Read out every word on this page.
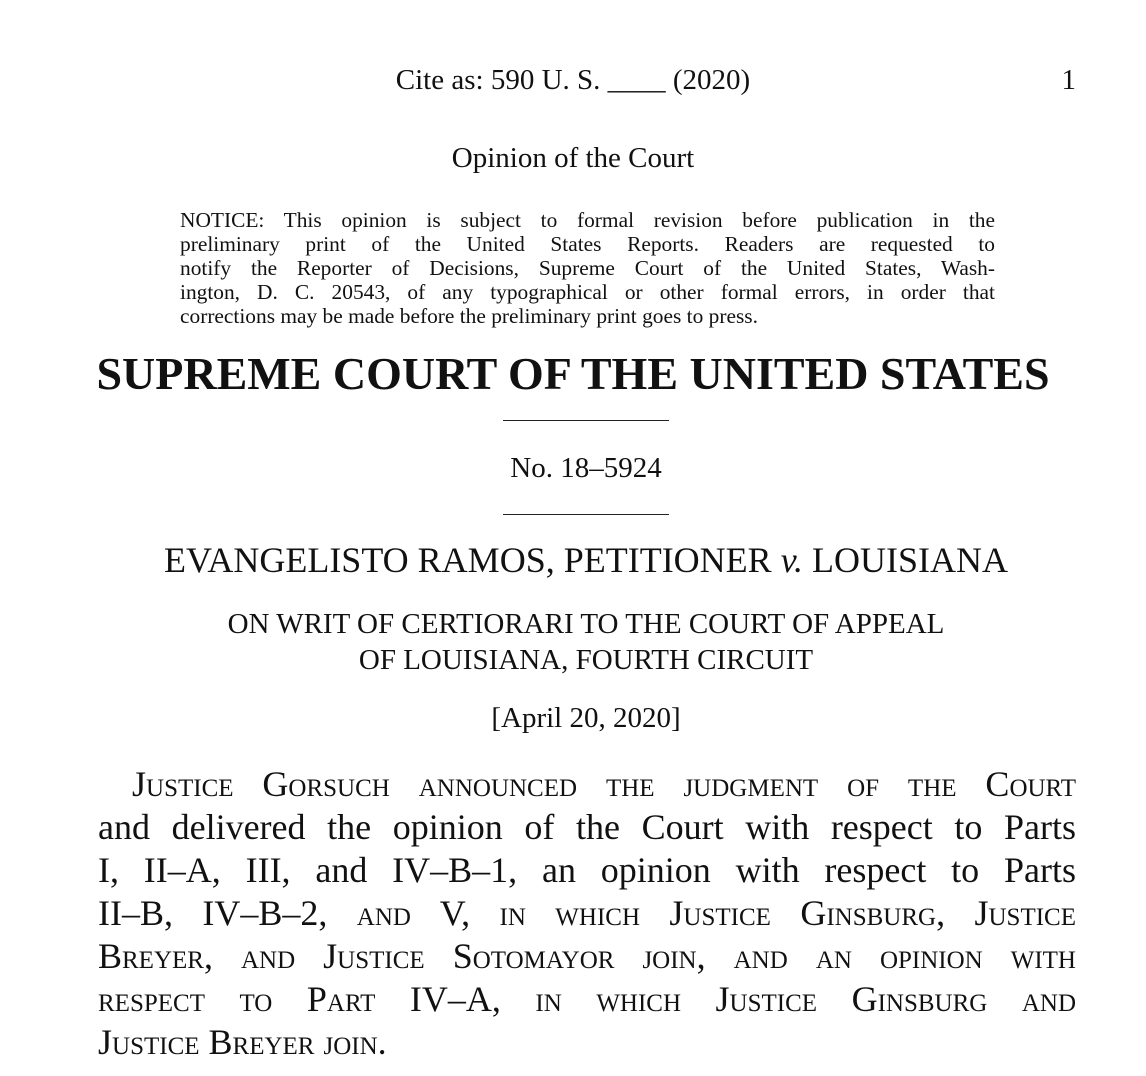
Cite as: 590 U. S. ____ (2020)	1
Opinion of the Court
NOTICE: This opinion is subject to formal revision before publication in the
preliminary print of the United States Reports. Readers are requested to
notify the Reporter of Decisions, Supreme Court of the United States, Wash-
ington, D. C. 20543, of any typographical or other formal errors, in order that
corrections may be made before the preliminary print goes to press.
SUPREME COURT OF THE UNITED STATES
No. 18–5924
EVANGELISTO RAMOS, PETITIONER v. LOUISIANA
ON WRIT OF CERTIORARI TO THE COURT OF APPEAL
OF LOUISIANA, FOURTH CIRCUIT
[April 20, 2020]
Justice Gorsuch announced the judgment of the Court
and delivered the opinion of the Court with respect to Parts
I, II–A, III, and IV–B–1, an opinion with respect to Parts
II–B, IV–B–2, and V, in which Justice Ginsburg, Justice
Breyer, and Justice Sotomayor join, and an opinion with
respect to Part IV–A, in which Justice Ginsburg and
Justice Breyer join.
